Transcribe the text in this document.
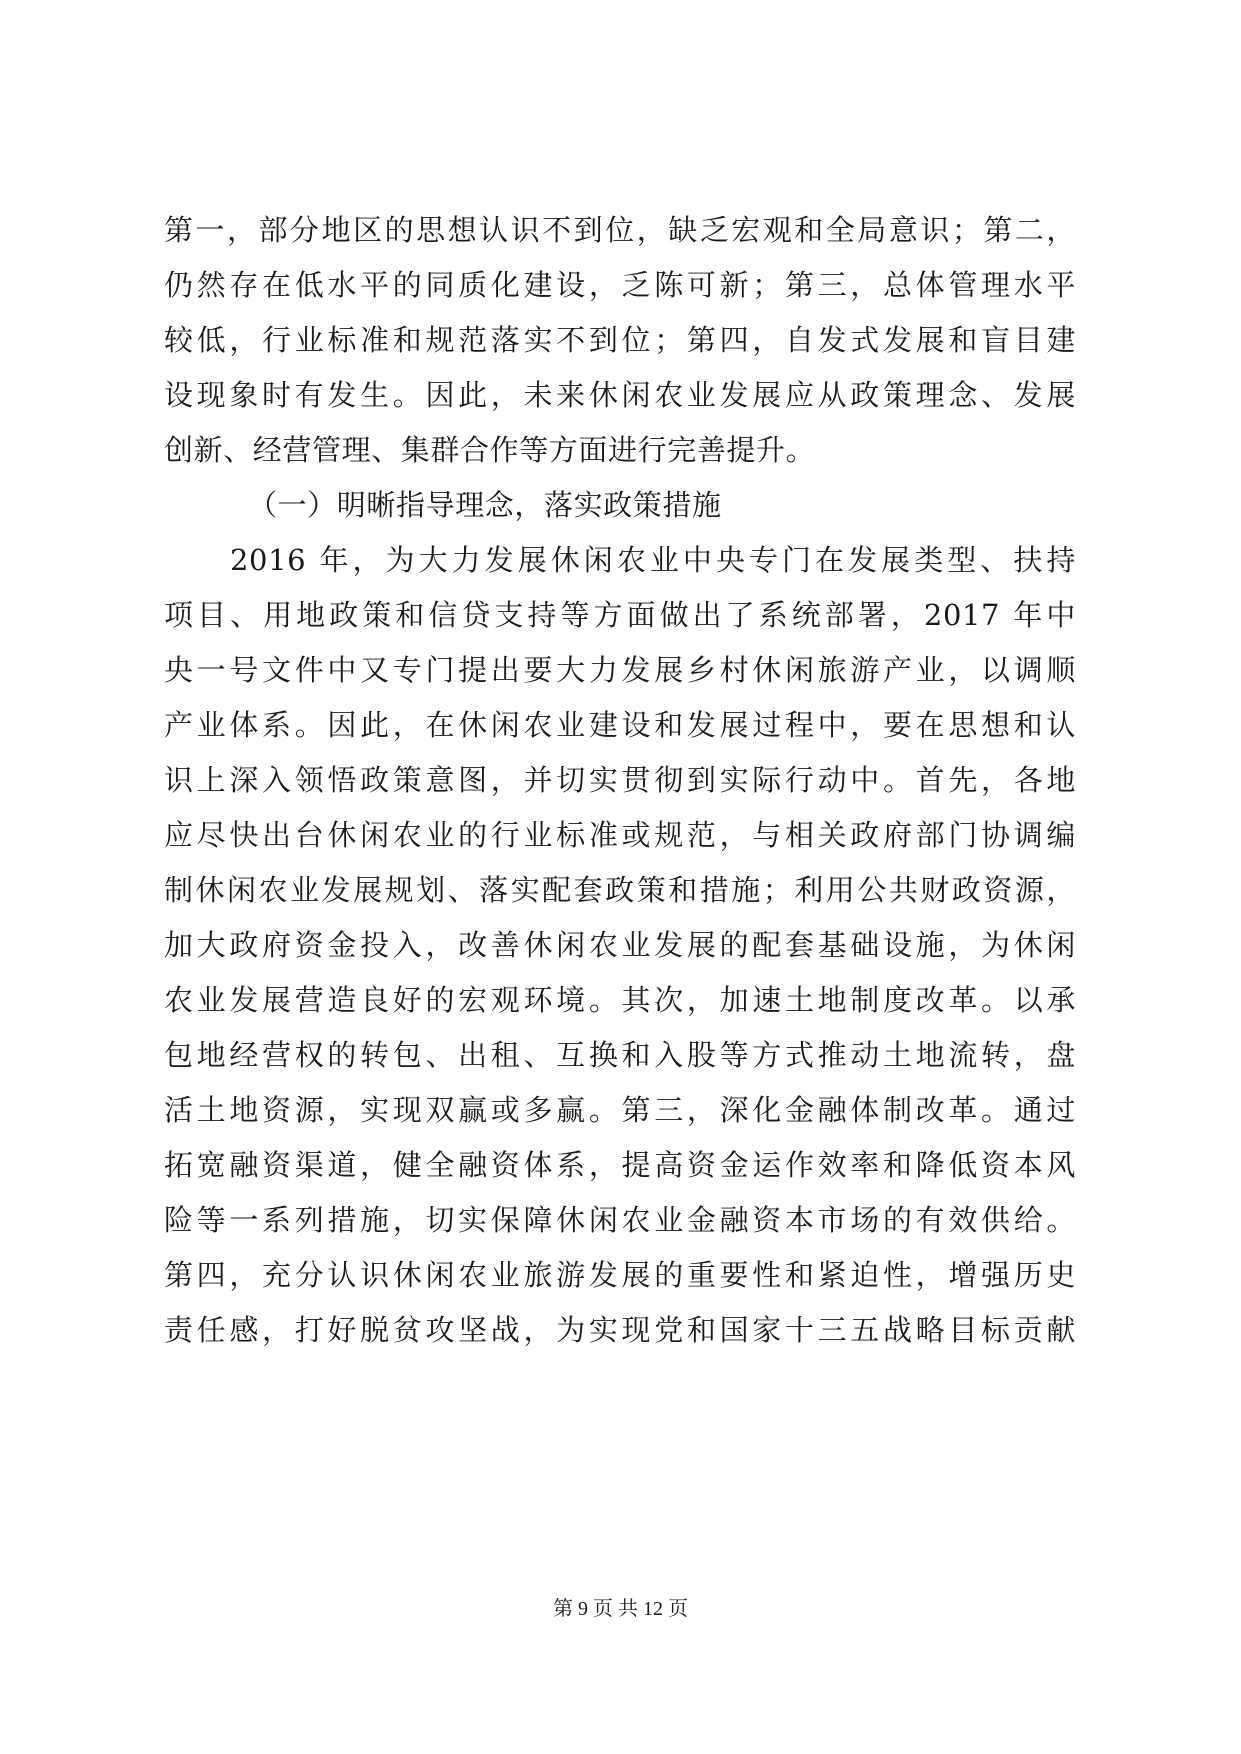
第一，部分地区的思想认识不到位，缺乏宏观和全局意识；第二，
仍然存在低水平的同质化建设，乏陈可新；第三，总体管理水平
较低，行业标准和规范落实不到位；第四，自发式发展和盲目建
设现象时有发生。因此，未来休闲农业发展应从政策理念、发展
创新、经营管理、集群合作等方面进行完善提升。
（一）明晰指导理念，落实政策措施
2016 年，为大力发展休闲农业中央专门在发展类型、扶持
项目、用地政策和信贷支持等方面做出了系统部署，2017 年中
央一号文件中又专门提出要大力发展乡村休闲旅游产业，以调顺
产业体系。因此，在休闲农业建设和发展过程中，要在思想和认
识上深入领悟政策意图，并切实贯彻到实际行动中。首先，各地
应尽快出台休闲农业的行业标准或规范，与相关政府部门协调编
制休闲农业发展规划、落实配套政策和措施；利用公共财政资源，
加大政府资金投入，改善休闲农业发展的配套基础设施，为休闲
农业发展营造良好的宏观环境。其次，加速土地制度改革。以承
包地经营权的转包、出租、互换和入股等方式推动土地流转，盘
活土地资源，实现双赢或多赢。第三，深化金融体制改革。通过
拓宽融资渠道，健全融资体系，提高资金运作效率和降低资本风
险等一系列措施，切实保障休闲农业金融资本市场的有效供给。
第四，充分认识休闲农业旅游发展的重要性和紧迫性，增强历史
责任感，打好脱贫攻坚战，为实现党和国家十三五战略目标贡献
第 9 页 共 12 页
